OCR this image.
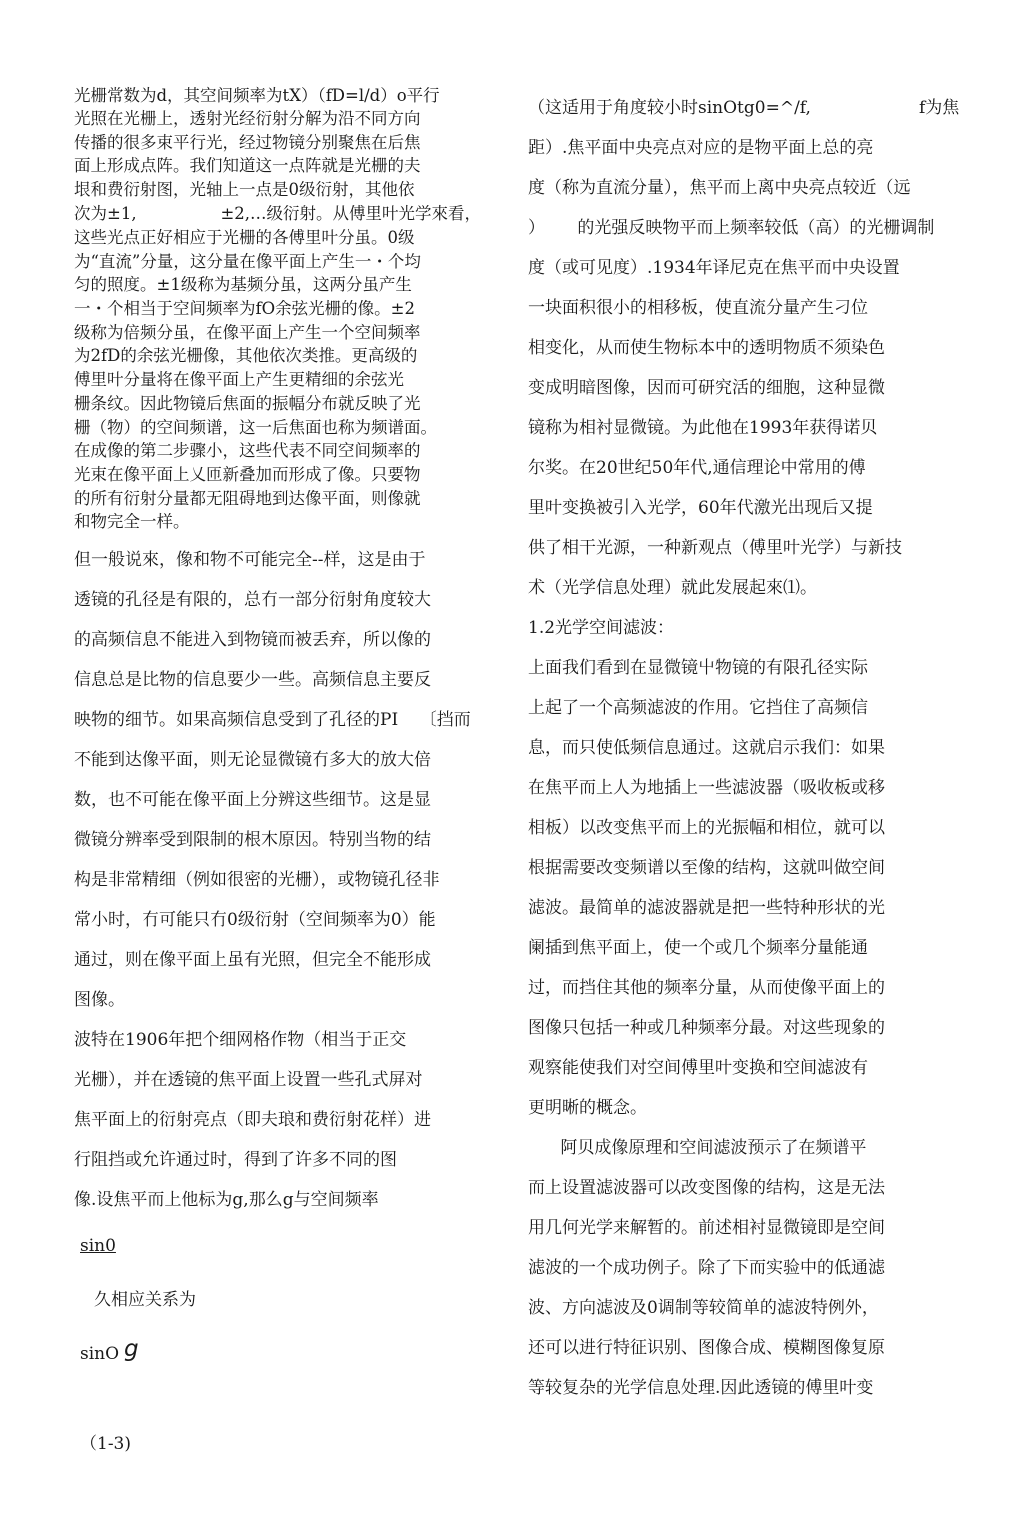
光栅常数为d，其空间频率为tX）（fD=l/d）o平行
光照在光栅上，透射光经衍射分解为沿不同方向
传播的很多束平行光，经过物镜分别聚焦在后焦
面上形成点阵。我们知道这一点阵就是光栅的夫
垠和费衍射图，光轴上一点是0级衍射，其他依
次为±1,                ±2,…级衍射。从傅里叶光学來看，
这些光点正好相应于光栅的各傅里叶分虽。0级
为“直流”分量，这分量在像平面上产生一・个均
匀的照度。±1级称为基频分虽，这两分虽产生
一・个相当于空间频率为fO余弦光栅的像。±2
级称为倍频分虽，在像平面上产生一个空间频率
为2fD的余弦光栅像，其他依次类推。更高级的
傅里叶分量将在像平面上产生更精细的余弦光
栅条纹。因此物镜后焦面的振幅分布就反映了光
栅（物）的空间频谱，这一后焦面也称为频谱面。
在成像的第二步骤小，这些代表不同空间频率的
光束在像平面上乂匝新叠加而形成了像。只要物
的所有衍射分量都无阻碍地到达像平面，则像就
和物完全一样。
但一般说來，像和物不可能完全--样，这是由于
透镜的孔径是有限的，总冇一部分衍射角度较大
的高频信息不能进入到物镜而被丢弃，所以像的
信息总是比物的信息要少一些。高频信息主要反
映物的细节。如果高频信息受到了孔径的PI    〔挡而
不能到达像平面，则无论显微镜冇多大的放大倍
数，也不可能在像平面上分辨这些细节。这是显
微镜分辨率受到限制的根木原因。特别当物的结
构是非常精细（例如很密的光栅），或物镜孔径非
常小时，冇可能只冇0级衍射（空间频率为0）能
通过，则在像平面上虽有光照，但完全不能形成
图像。
波特在1906年把个细网格作物（相当于正交
光栅），并在透镜的焦平面上设置一些孔式屏对
焦平面上的衍射亮点（即夫琅和费衍射花样）进
行阻挡或允许通过时，得到了许多不同的图
像.设焦平而上他标为g,那么g与空间频率
sin0
久相应关系为
sinO g
（1-3)
（这适用于角度较小时sinOtg0=^/f,                    f为焦
距）.焦平面中央亮点对应的是物平面上总的亮
度（称为直流分量），焦平而上离中央亮点较近（远
）      的光强反映物平而上频率较低（高）的光栅调制
度（或可见度）.1934年译尼克在焦平而中央设置
一块面积很小的相移板，使直流分量产生刁位
相变化，从而使生物标本中的透明物质不须染色
变成明暗图像，因而可研究活的细胞，这种显微
镜称为相衬显微镜。为此他在1993年获得诺贝
尔奖。在20世纪50年代,通信理论中常用的傅
里叶变换被引入光学，60年代激光出现后又提
供了相干光源，一种新观点（傅里叶光学）与新技
术（光学信息处理）就此发展起來⑴。
1.2光学空间滤波：
上面我们看到在显微镜屮物镜的有限孔径实际
上起了一个高频滤波的作用。它挡住了高频信
息，而只使低频信息通过。这就启示我们：如果
在焦平而上人为地插上一些滤波器（吸收板或移
相板）以改变焦平而上的光振幅和相位，就可以
根据需要改变频谱以至像的结构，这就叫做空间
滤波。最简单的滤波器就是把一些特种形状的光
阑插到焦平面上，使一个或几个频率分量能通
过，而挡住其他的频率分量，从而使像平面上的
图像只包括一种或几种频率分最。对这些现象的
观察能使我们对空间傅里叶变换和空间滤波有
更明晰的概念。
阿贝成像原理和空间滤波预示了在频谱平
而上设置滤波器可以改变图像的结构，这是无法
用几何光学来解暂的。前述相衬显微镜即是空间
滤波的一个成功例子。除了下而实验中的低通滤
波、方向滤波及0调制等较简单的滤波特例外，
还可以进行特征识别、图像合成、模糊图像复原
等较复杂的光学信息处理.因此透镜的傅里叶变
